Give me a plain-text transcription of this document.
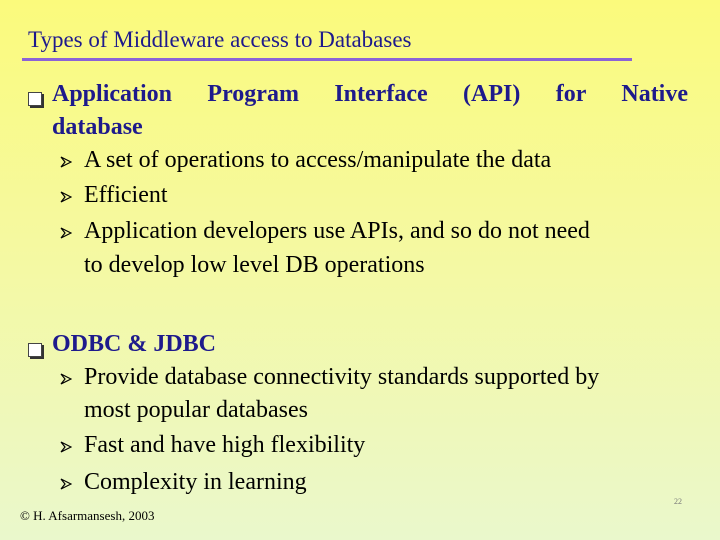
Types of Middleware access to Databases
Application Program Interface (API) for Native
database
A set of operations to access/manipulate the data
Efficient
Application developers use APIs, and so do not need
to develop low level DB operations
ODBC & JDBC
Provide database connectivity standards supported by
most popular databases
Fast and have high flexibility
Complexity in learning
© H. Afsarmansesh, 2003
22
